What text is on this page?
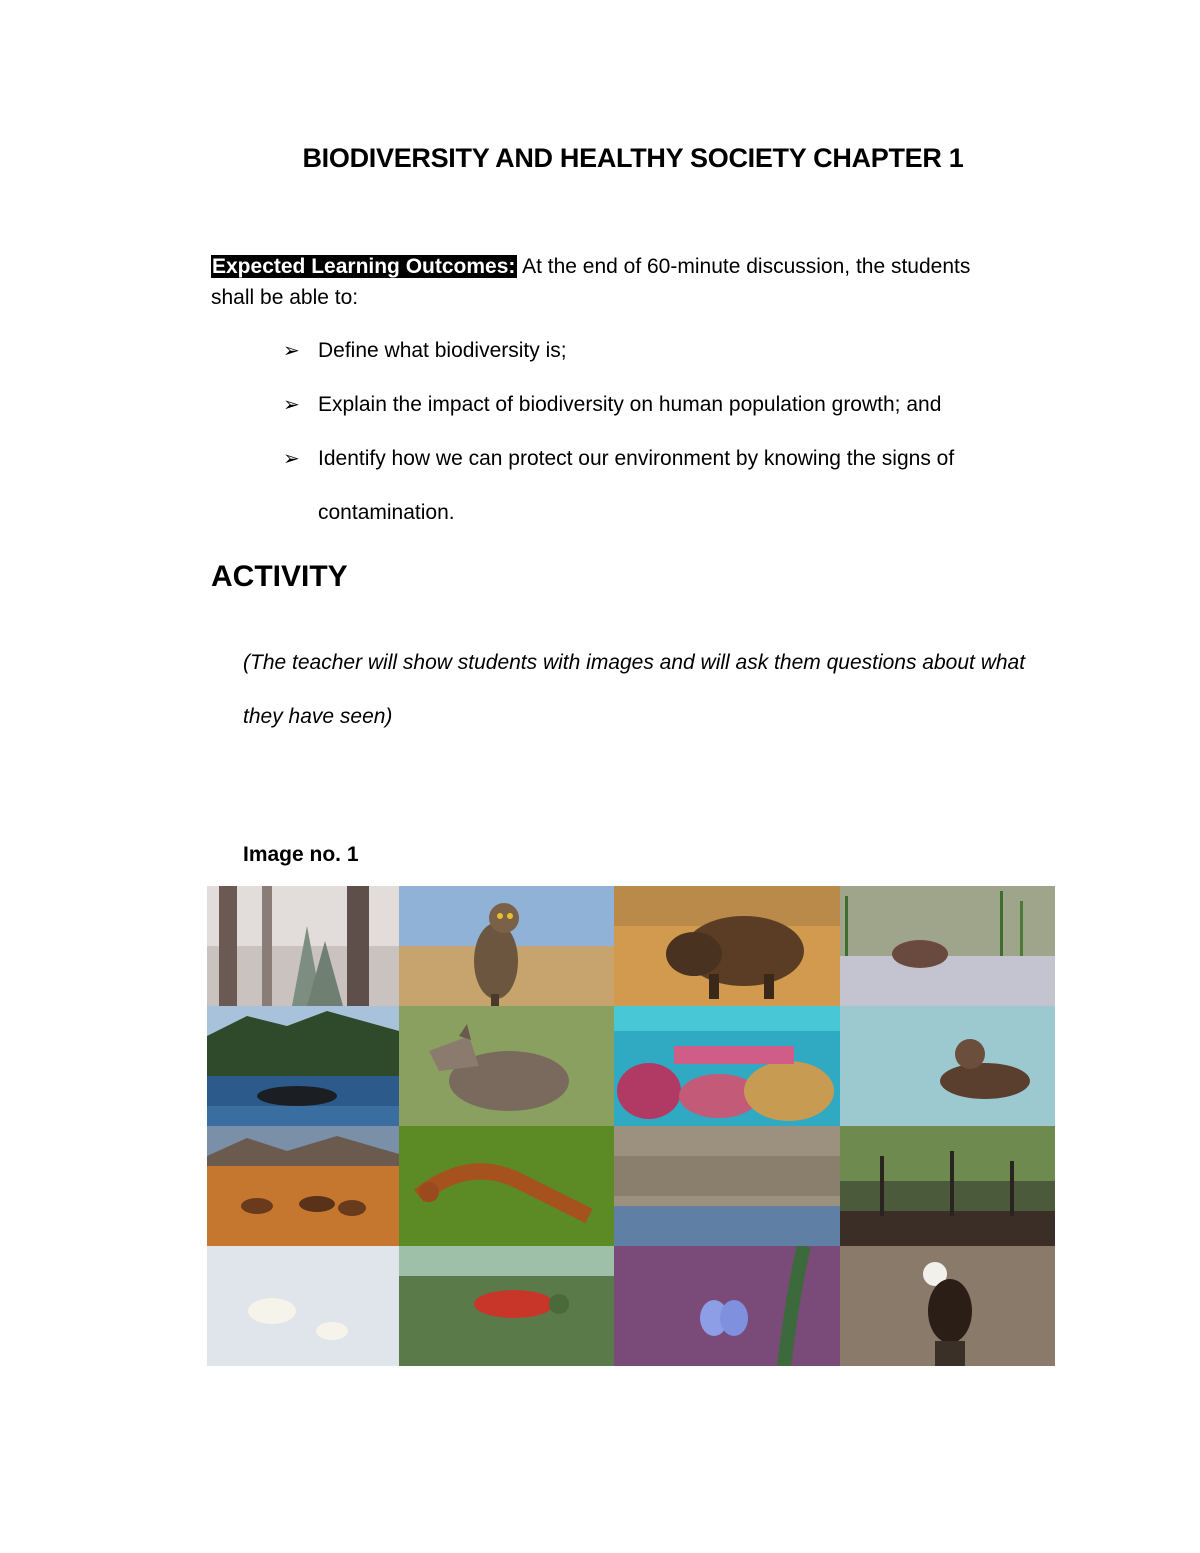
BIODIVERSITY AND HEALTHY SOCIETY CHAPTER 1
Expected Learning Outcomes: At the end of 60-minute discussion, the students shall be able to:
➢ Define what biodiversity is;
➢ Explain the impact of biodiversity on human population growth; and
➢ Identify how we can protect our environment by knowing the signs of contamination.
ACTIVITY
(The teacher will show students with images and will ask them questions about what they have seen)
Image no. 1
